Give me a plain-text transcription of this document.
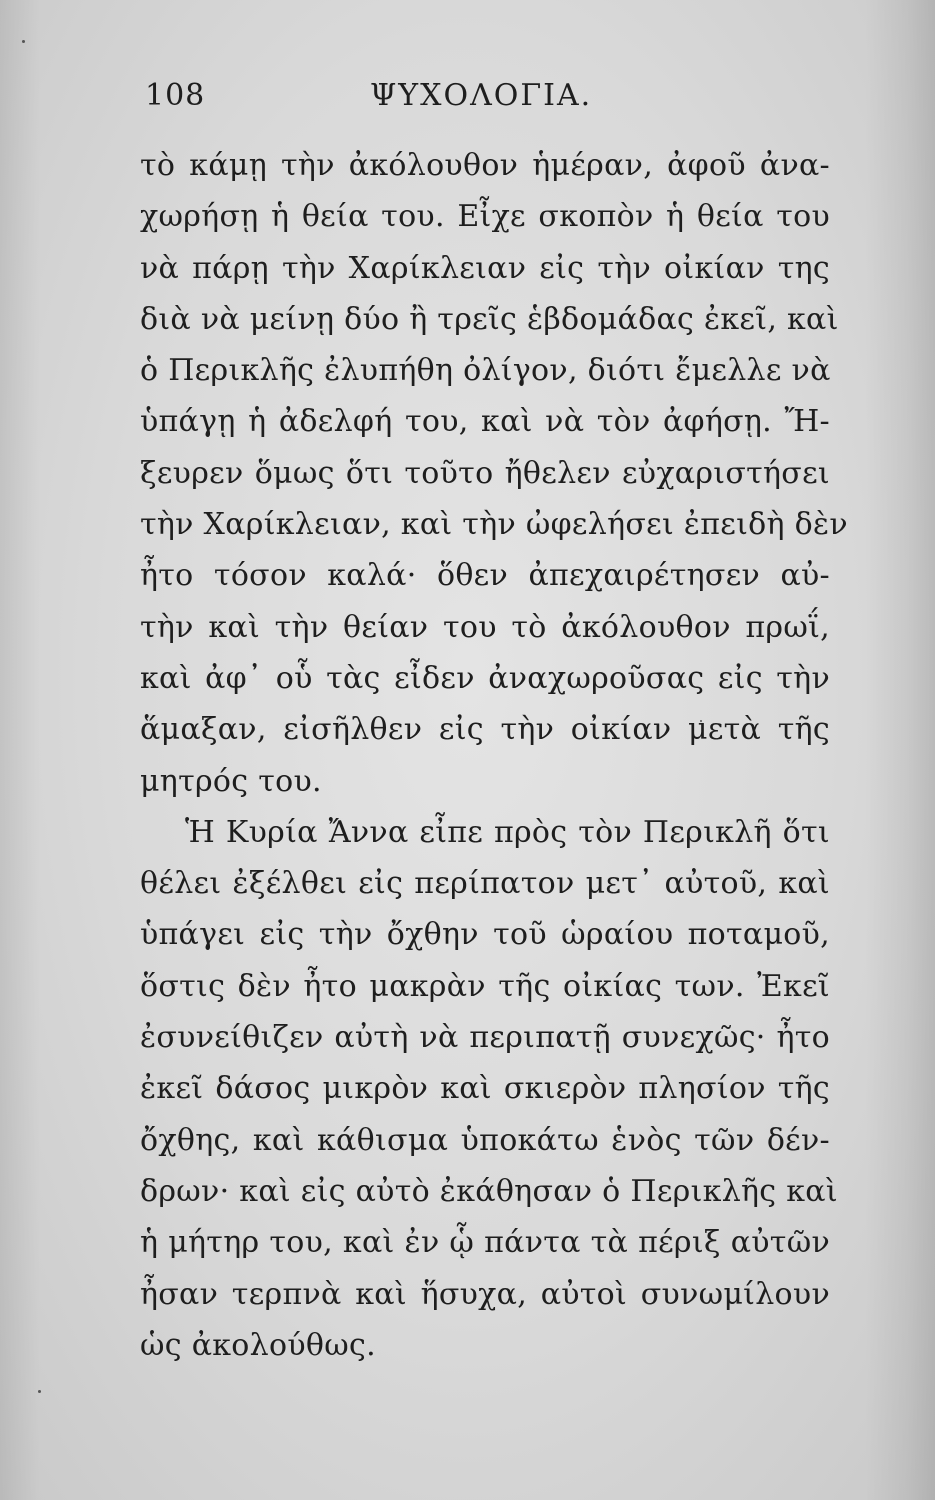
108	ΨΥΧΟΛΟΓΙΑ.
τὸ κάμῃ τὴν ἀκόλουθον ἡμέραν, ἀφοῦ ἀνα-
χωρήσῃ ἡ θεία του. Εἶχε σκοπὸν ἡ θεία του
νὰ πάρῃ τὴν Χαρίκλειαν εἰς τὴν οἰκίαν της
διὰ νὰ μείνῃ δύο ἢ τρεῖς ἑβδομάδας ἐκεῖ, καὶ
ὁ Περικλῆς ἐλυπήθη ὀλίγον, διότι ἔμελλε νὰ
ὑπάγῃ ἡ ἀδελφή του, καὶ νὰ τὸν ἀφήσῃ. Ἤ-
ξευρεν ὅμως ὅτι τοῦτο ἤθελεν εὐχαριστήσει
τὴν Χαρίκλειαν, καὶ τὴν ὠφελήσει ἐπειδὴ δὲν
ἦτο τόσον καλά· ὅθεν ἀπεχαιρέτησεν αὐ-
τὴν καὶ τὴν θείαν του τὸ ἀκόλουθον πρωΐ,
καὶ ἀφ᾽ οὗ τὰς εἶδεν ἀναχωροῦσας εἰς τὴν
ἅμαξαν, εἰσῆλθεν εἰς τὴν οἰκίαν μετὰ τῆς
μητρός του.
Ἡ Κυρία Ἄννα εἶπε πρὸς τὸν Περικλῆ ὅτι
θέλει ἐξέλθει εἰς περίπατον μετ᾽ αὐτοῦ, καὶ
ὑπάγει εἰς τὴν ὄχθην τοῦ ὡραίου ποταμοῦ,
ὅστις δὲν ἦτο μακρὰν τῆς οἰκίας των. Ἐκεῖ
ἐσυνείθιζεν αὐτὴ νὰ περιπατῇ συνεχῶς· ἦτο
ἐκεῖ δάσος μικρὸν καὶ σκιερὸν πλησίον τῆς
ὄχθης, καὶ κάθισμα ὑποκάτω ἑνὸς τῶν δέν-
δρων· καὶ εἰς αὐτὸ ἐκάθησαν ὁ Περικλῆς καὶ
ἡ μήτηρ του, καὶ ἐν ᾧ πάντα τὰ πέριξ αὐτῶν
ἦσαν τερπνὰ καὶ ἥσυχα, αὐτοὶ συνωμίλουν
ὡς ἀκολούθως.
